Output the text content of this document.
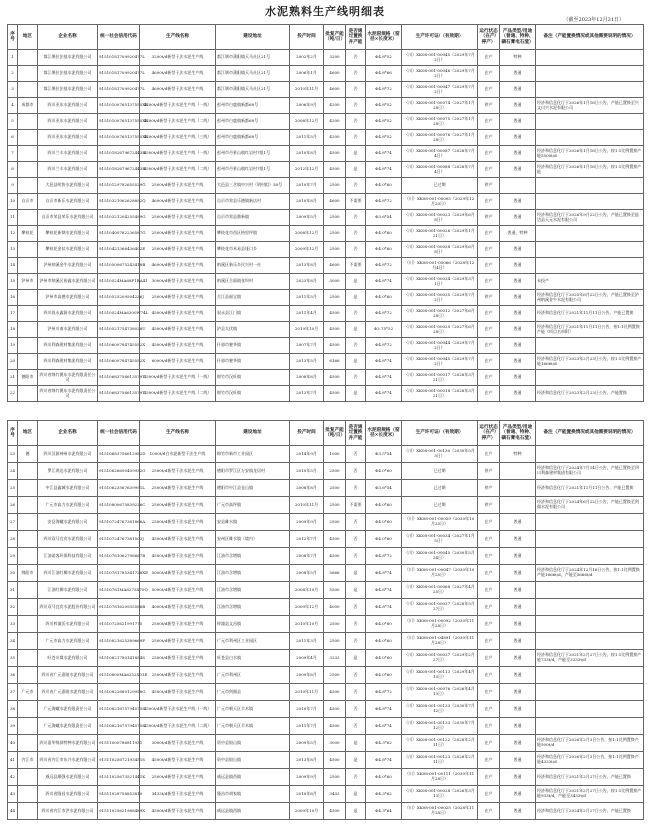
水泥熟料生产线明细表
（截至2023年12月31日）
序号	地区	企业名称	统一社会信用代码	生产线名称	建设地址	投产时间	批复产能（吨/日）	是否通过置换并产能	水泥窑规格（窑径×长度米）	生产许可证/（有效期）	运行状态（在产/停产）	产品类型/用途（普通、特种、磷石膏电石渣）	备注（产能置换情况或其他需要说明的情况）
1		都江堰拉法基水泥有限公司	91510181709920477L	3200t/d新型干法水泥生产线	都江堰市蒲阳镇天马社区21号	2002年2月	3200	否	Φ4.8*52	（川）XK08-001-00045（2029年7月2日）	在产	特种	
2		都江堰拉法基水泥有限公司	91510181709920477L	4600t/d新型干法水泥生产线	都江堰市蒲阳镇天马社区21号	2006年1月	4600	否	Φ4.8*66	（川）XK08-001-00046（2029年7月2日）	在产	普通	
3		都江堰拉法基水泥有限公司	91510181709920477L	4600t/d新型干法水泥生产线	都江堰市蒲阳镇天马社区21号	2010年11月	4600	否	Φ4.8*72	（川）XK08-001-00047（2029年7月2日）	在产	普通	
4	成都市	四川亚东水泥有限公司	91510100765137555XN	4200t/d新型干法水泥生产线（一线）	彭州市白鹿镇新都68号	2006年9月	4200	否	Φ4.8*52	（川）XK08-001-00074（2027年1月28日）	停产	普通	经济和信息化厅于2026年1月16日公告，产能已置换至兴文川兴水泥有限公司
5		四川亚东水泥有限公司	91510100765137555XN	4200t/d新型干法水泥生产线（二线）	彭州市白鹿镇新都68号	2008年12月	4200	否	Φ4.8*52	（川）XK08-001-00075（2027年1月28日）	在产	普通	
6		四川亚东水泥有限公司	91510100765137555XN	4200t/d新型干法水泥生产线（三线）	彭州市白鹿镇新都68号	2011年5月	4200	否	Φ4.8*52	（川）XK08-001-00076（2027年1月28日）	在产	普通	
7		四川兰丰水泥有限公司	91510182679672443B	4500t/d新型干法水泥生产线（一线）	彭州市丹景山镇红岩村7组1号	2010年8月	4500	是	Φ4.8*74	（川）XK08-001-00087（2028年7月4日）	在产	普通	经济和信息化厅于2026年1月16日公告，按1:1比例置换产能5500t/d
8		四川兰丰水泥有限公司	91510182679672443B	4500t/d新型干法水泥生产线（二线）	彭州市丹景山镇红岩村7组1号	2012年12月	4500	是	Φ4.8*74	（川）XK08-001-00088（2028年7月4日）	在产	普通	经济和信息化厅于2026年1月16日公告，按1:1比例置换产能
9		大邑县明协水泥有限公司	91510129782655529G	2500t/d新型干法水泥生产线	大邑县三岔镇中兴村（明村组）58号	2010年7月	2500	否	Φ4.0*60	已过期	停产		
10	自贡市	自贡市新乐水泥有限公司	91510321062628892Q	4600t/d新型干法水泥生产线	自贡市荣县乐德镇新店村	2010年8月	4600	不需要	Φ4.8*72	（川）XK08-001-00005（2029年12月20日）	在产	普通	
11		自贡市荣县荣乐水泥有限公司	91510321204255499G	2500t/d新型干法水泥生产线	自贡市荣县鼎新镇	2009年5月	2500	否	Φ3.6*54	（川）XK08-001-00023（2029年6月8日）	停产	普通	经济和信息化厅于2026年9月22日公告，产能已置换至盐边县天元水泥有限公司
12	攀枝花	攀枝花新钢水泥有限公司	91510400782236587G	2500t/d新型干法水泥生产线	攀枝花市西区格里坪镇	2008年12月	2500	否	Φ4.0*60	（川）XK08-001-00026（2029年1月21日）	在产	普通、特种	
13		攀枝花金钛水泥有限公司	91510421366436402E	2500t/d新型干法水泥生产线	攀枝花市米易县垭口乡	2009年12月	2500	否	Φ4.0*60	（川）XK08-001-00058（2029年6月8日）	在产	普通	
14		泸州纳溪金牛水泥有限公司	91510500675243418B	4600t/d新型干法水泥生产线	纳溪区新乐乡民兴村一社	2013年8月	4600	不需要	Φ4.8*72	（川）XK08-001-00066（2028年12月4日）	在产	普通	
15	泸州市	泸州市纳溪区裕鑫水泥有限公司	91510524MA68F1BA41	3000t/d新型干法水泥生产线	纳溪区合面镇张坝村	2023年8月	3000	是	Φ4.8*74	（川）XK08-001-00034（2029年3月1日）	在产	普通	未投产
16		泸州市高德水泥有限公司	91510525209504236J	2500t/d新型干法水泥生产线	合江县福宝镇	2011年5月	2500	是	Φ4.0*60	（川）XK08-001-00035（2029年7月2日）	停产	普通	经济和信息化厅于2025年6月22日公告，产能已置换至泸州纳溪金牛水泥有限公司
17		四川叙永鑫源水泥有限公司	91510524MA6300W74L	4500t/d新型干法水泥生产线	叙永县江门镇	2011年4月	4500	否	Φ4.8*72	（川）XK08-001-00012（2027年6月28日）	在产	普通	经济和信息化厅于2021年11月11日公告，产能已置换
18		泸州川南水泥有限公司	91510521754738028U	4500t/d新型干法水泥生产线	泸县太伏镇	2019年10月	4500	是	Φ3.75*52	（川）XK08-001-00020（2027年6月28日）	在产	普通	经济和信息化厅于2021年11月11日公告，按1:1比例置换产能（项目名单附）
19		四川利森建材集团有限公司	91510600784745552X	4500t/d新型干法水泥生产线	什邡市蓥华镇	2007年7月	4500	否	Φ4.8*72	（川）XK08-001-00044（2029年7月2日）	在产	普通	
20		四川利森建材集团有限公司	91510600784745552X	6000t/d新型干法水泥生产线	什邡市蓥华镇	2013年5月	6166	是	Φ4.8*74	（川）XK08-001-00045（2029年7月2日）	在产	普通	经济和信息化厅于2023年2月23日公告，按1:1比例置换产能1666t/d
21	德阳市	四川省绵竹澳东水泥有限责任公司	91510683756613579T	4500t/d新型干法水泥生产线（一线）	绵竹市汉旺镇	2008年8月	4500	否	Φ4.8*74	（川）XK08-001-00017（2028年3月21日）	在产	普通	
22		四川省绵竹澳东水泥有限责任公司	91510683756613579T	4500t/d新型干法水泥生产线（二线）	绵竹市汉旺镇	2013年7月	4500	是	Φ4.8*74	（川）XK08-001-00018（2028年3月21日）	在产	普通	经济和信息化厅于2023年2月23日公告，产能置换
序号	地区	企业名称	统一社会信用代码	生产线名称	建设地址	投产时间	批复产能（吨/日）	是否通过置换并产能	水泥窑规格（窑径×长度米）	生产许可证/（有效期）	运行状态（在产/停产）	产品类型/用途（普通、特种、磷石膏电石渣）	备注（产能置换情况或其他需要说明的情况）
23	德	四川汉源神州水泥有限公司	91510683756612982D	1000t/d白水泥新型干法生产线	绵竹市新市工业园区	2014年9月	1000	否	Φ3.5*54	（川）XK08-001-00130（2030年5月3日）	在产	特种	
24		罗江鸿达水泥有限公司	91510626690409932G	2500t/d新型干法水泥生产线	德阳市罗江区万安镇龙居村	2010年5月	2500	否	Φ4.0*60	已过期	停产		经济和信息化厅于2024年7月14日公告，产能已置换至四川利森建材集团有限公司
25		中江县鑫城水泥有限公司	91510623567639991L	2500t/d新型干法水泥生产线	德阳市中江县仓山镇	2008年8月	2500	否	Φ3.6*54	已过期	停产		经济和信息化厅于2021年11月11日公告，产能已置换
26		广元市高力水泥有限公司	91510800675839226C	2500t/d新型干法水泥生产线	广元市高坪镇	2010年11月	2500	不需要	Φ4.0*60	已过期	停产		经济和信息化厅于2024年6月22日公告，产能已置换至剑阁水泥有限公司
27		安县海螺水泥有限公司	91510724767381866A	2500t/d新型干法水泥生产线	安县雎水镇	2009年9月	2500	否	Φ4.0*60	（川）XK08-001-00059（2030年10月25日）	在产	普通	
28		四川双马宜宾水泥有限公司	91510724767381503J	4500t/d新型干法水泥生产线	安州区雎水镇（境内）	2012年7月	4500	否	Φ4.0*60	（川）XK08-001-00034（2027年1月5日）	在产	普通	
29		江油诺客环保科技有限公司	91510781062796667B	4500t/d新型干法水泥生产线	江油市含增镇	2008年7月	4500	否	Φ4.8*72	（川）XK08-001-00045（2030年5月24日）	在产	普通	
30	绵阳市	四川江油红狮水泥有限公司	91510781785341728XE	5000t/d新型干法水泥生产线	江油市含增镇	2008年5月	5666	是	Φ4.8*74	（川）XK08-001-00047（2030年10月25日）	在产	普通	经济和信息化厅于2024年12月16日公告，按1:1比例置换产能1666t/d，产能至5666t/d
31		江油红狮水泥有限公司	91510781MA6275X70Q	5000t/d新型干法水泥生产线	江油市含增镇	2008年10月	5500	是	Φ4.8*74	（川）XK08-001-00068（2027年4月25日）	在产	普通	
32		四川双马宜宾水泥股份有限公司	91510781620935586B	4000t/d新型干法水泥生产线	江油市含增镇	2009年12月	4000	否	Φ4.8*74	（川）XK08-001-00037（2028年5月27日）	在产	普通	
33		四川梓潼沃水泥有限公司	91510725621991775	2500t/d新型干法水泥生产线	梓潼县文昌镇	2010年10月	2500	否	Φ4.0*60	（川）XK08-001-00092（2030年11月28日）	在产	普通	
34		广元市高力水泥有限公司	91510821625389669F	2500t/d新型干法水泥生产线	广元市利州区工业园区	2011年3月	2500	否	Φ4.0*60	（川）XK08-001-04891（2030年11月28日）	在产	普通	
35		旺苍川煤水泥有限公司	91510821780141854S	2500t/d新型干法水泥生产线	旺苍县白水镇	2009年4月	3233	是	Φ4.0*60	（川）XK08-001-00037（2029年2月27日）	在产	普通	经济和信息化厅于2021年2月27日公告，按1:1比例置换产能733t/d，产能至3233t/d
36		四川省广元嘉陵水泥有限公司	91510800MA6252X01E	2500t/d新型干法水泥生产线	广元市利州区	2009年8月	2500	否	Φ4.0*60	（川）XK08-001-00113（2029年4月13日）	在产	普通	
37	广元市	四川省广元嘉陵水泥有限公司	91510822680129958G	4500t/d新型干法水泥生产线	广元市剑阁县	2010年11月	4500	否	Φ4.8*72	（川）XK08-001-00076（2026年4月13日）	在产	普通	
38		广元海螺水泥有限责任公司	91510821675794575S	4500t/d新型干法水泥生产线（一线）	广元市朝天区羊木镇	2010年7月	4500	否	Φ4.8*74	（川）XK08-001-00133（2030年7月12日）	在产	普通	
39		广元海螺水泥有限责任公司	91510821675794575S	4500t/d新型干法水泥生产线（二线）	广元市朝天区羊木镇	2011年7月	4500	否	Φ4.8*74	（川）XK08-001-00133（2030年7月12日）	在产	普通	
40		四川嘉华锦屏特种水泥有限公司	91511000786811931	3000t/d新型干法水泥生产线	资中县银山镇	2009年5月	3000	是	Φ4.3*62	（川）XK08-001-00122（2028年2月11日）	在产	普通	经济和信息化厅于2026年2月3日公告，按1:1比例置换产能500t/d
41	内江市	四川省内江市东兴水泥有限公司	91511025672193451S	4500t/d新型干法水泥生产线	资中县银山镇	2013年8月	4500	是	Φ4.8*74	（川）XK08-001-00123（2028年2月11日）	在产	普通	经济和信息化厅于2026年2月3日公告，按1:1比例置换产能4333t/d
42		威远县顺强水泥有限公司	91511025673521441K	2500t/d新型干法水泥生产线	威远县镇西镇	2009年9月	2500	否	Φ4.0*60	（川）XK08-001-00111（2030年11月28日）	在产	普通	经济和信息化厅于2021年2月27日公告，产能已置换
43		四川省隆昌水泥有限公司	91511028758853810	3433t/d新型干法水泥生产线	隆昌市胡家镇	2010年8月	3433	是	Φ4.3*62	（川）XK08-001-00028（2026年3月13日）	在产	普通	经济和信息化厅于2021年2月27日公告，按1:1比例置换产能933t/d，产能至3433t/d
44		四川省内江市洪水泥有限公司	91511025621988489X	4500t/d新型干法水泥生产线	威远县镇西镇	2009年10月	4500	是	Φ4.3*64	（川）XK08-001-00025（2028年11月28日）	在产	普通	经济和信息化厅于2024年2月27日公告，产能已置换
